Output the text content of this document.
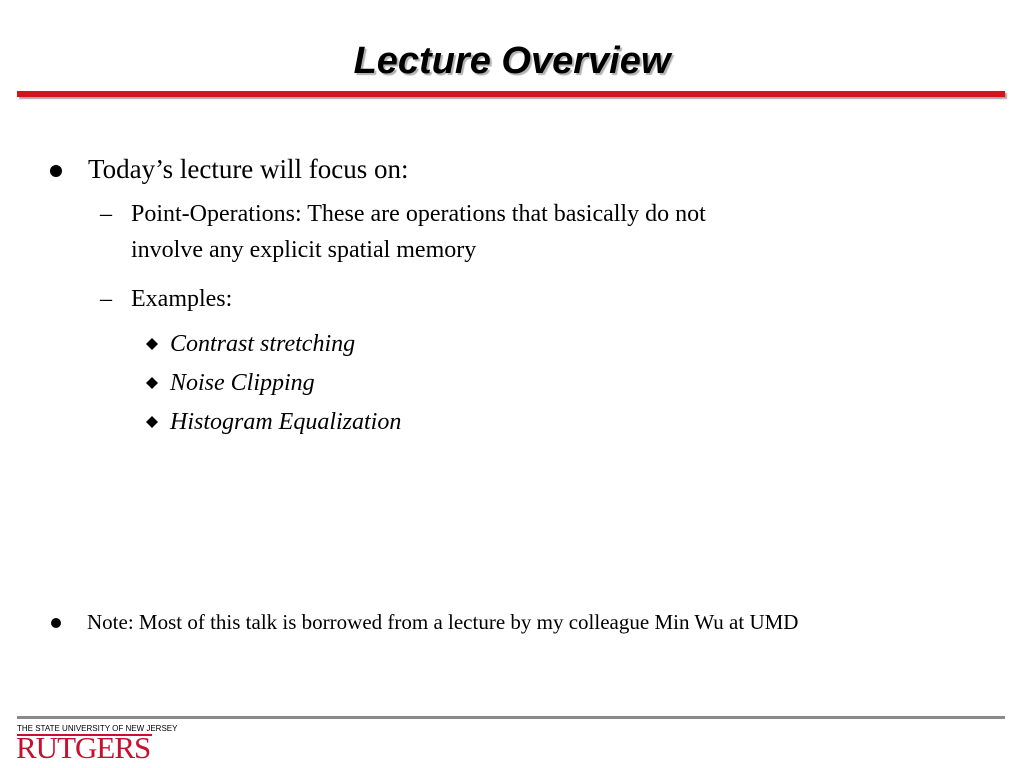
Lecture Overview
Today’s lecture will focus on:
– Point-Operations: These are operations that basically do not
involve any explicit spatial memory
– Examples:
Contrast stretching
Noise Clipping
Histogram Equalization
Note: Most of this talk is borrowed from a lecture by my colleague Min Wu at UMD
THE STATE UNIVERSITY OF NEW JERSEY
RUTGERS
